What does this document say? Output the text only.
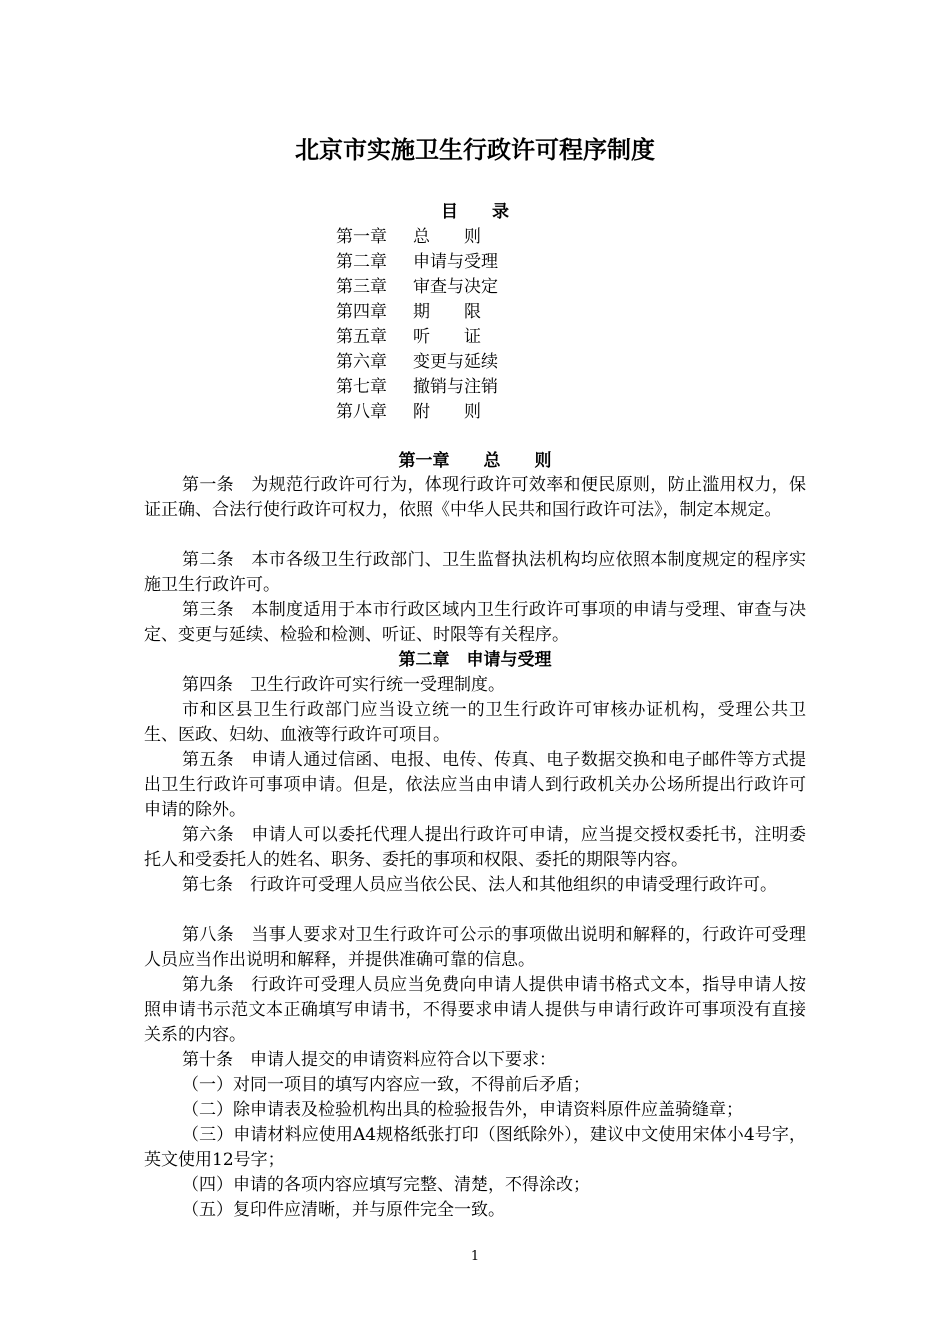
北京市实施卫生行政许可程序制度
目　　录
第一章 总　　则
第二章 申请与受理
第三章 审查与决定
第四章 期　　限
第五章 听　　证
第六章 变更与延续
第七章 撤销与注销
第八章 附　　则
第一章　　总　　则
第一条　为规范行政许可行为，体现行政许可效率和便民原则，防止滥用权力，保证正确、合法行使行政许可权力，依照《中华人民共和国行政许可法》，制定本规定。
第二条　本市各级卫生行政部门、卫生监督执法机构均应依照本制度规定的程序实施卫生行政许可。
第三条　本制度适用于本市行政区域内卫生行政许可事项的申请与受理、审查与决定、变更与延续、检验和检测、听证、时限等有关程序。
第二章　申请与受理
第四条　卫生行政许可实行统一受理制度。
市和区县卫生行政部门应当设立统一的卫生行政许可审核办证机构，受理公共卫生、医政、妇幼、血液等行政许可项目。
第五条　申请人通过信函、电报、电传、传真、电子数据交换和电子邮件等方式提出卫生行政许可事项申请。但是，依法应当由申请人到行政机关办公场所提出行政许可申请的除外。
第六条　申请人可以委托代理人提出行政许可申请，应当提交授权委托书，注明委托人和受委托人的姓名、职务、委托的事项和权限、委托的期限等内容。
第七条　行政许可受理人员应当依公民、法人和其他组织的申请受理行政许可。
第八条　当事人要求对卫生行政许可公示的事项做出说明和解释的，行政许可受理人员应当作出说明和解释，并提供准确可靠的信息。
第九条　行政许可受理人员应当免费向申请人提供申请书格式文本，指导申请人按照申请书示范文本正确填写申请书，不得要求申请人提供与申请行政许可事项没有直接关系的内容。
第十条　申请人提交的申请资料应符合以下要求：
（一）对同一项目的填写内容应一致，不得前后矛盾；
（二）除申请表及检验机构出具的检验报告外，申请资料原件应盖骑缝章；
（三）申请材料应使用A4规格纸张打印（图纸除外），建议中文使用宋体小4号字，英文使用12号字；
（四）申请的各项内容应填写完整、清楚，不得涂改；
（五）复印件应清晰，并与原件完全一致。
1
